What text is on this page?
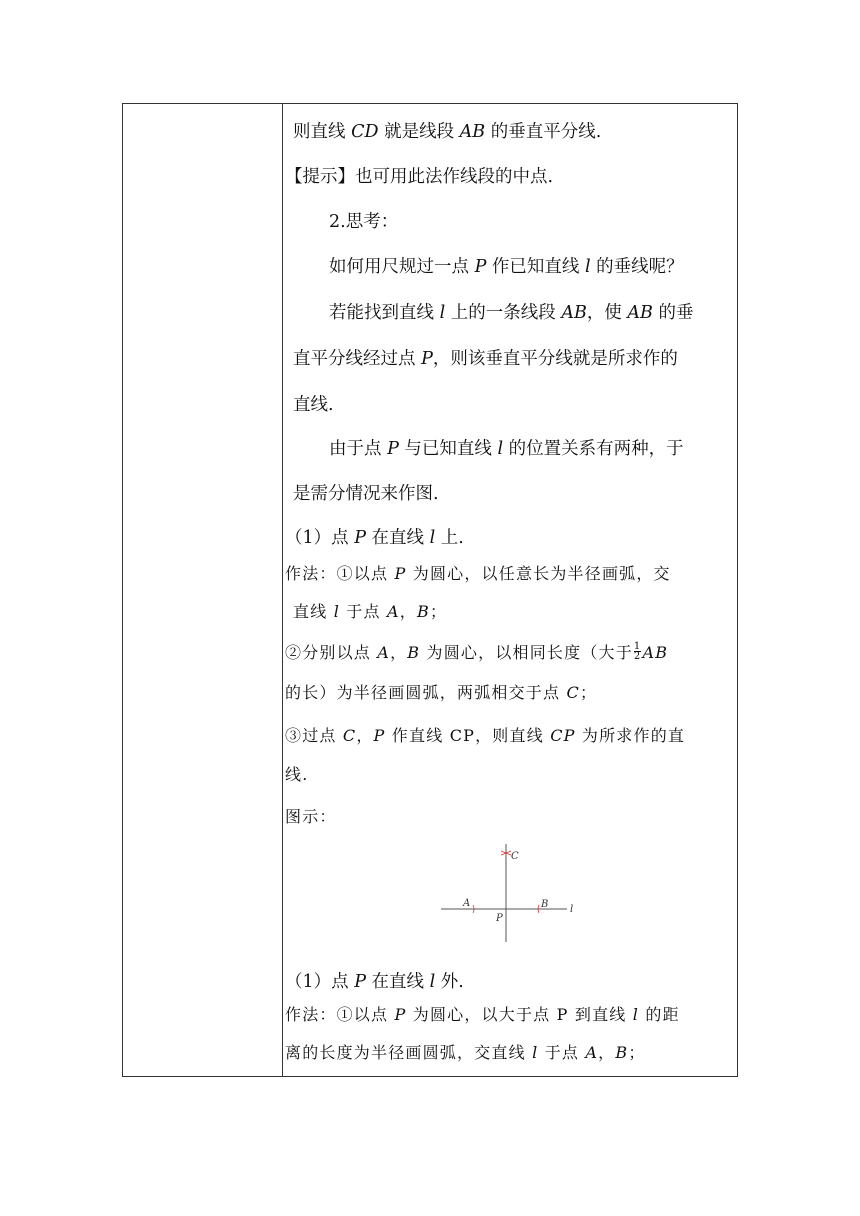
则直线 CD 就是线段 AB 的垂直平分线.
【提示】也可用此法作线段的中点.
2.思考：
如何用尺规过一点 P 作已知直线 l 的垂线呢？
若能找到直线 l 上的一条线段 AB，使 AB 的垂
直平分线经过点 P，则该垂直平分线就是所求作的
直线.
由于点 P 与已知直线 l 的位置关系有两种，于
是需分情况来作图.
（1）点 P 在直线 l 上.
作法：①以点 P 为圆心，以任意长为半径画弧，交
直线 l 于点 A，B；
②分别以点 A，B 为圆心，以相同长度（大于 $\frac{1}{2}$ AB
的长）为半径画圆弧，两弧相交于点 C；
③过点 C，P 作直线 CP，则直线 CP 为所求作的直
线.
图示：
C
A
P
B l
（1）点 P 在直线 l 外.
作法：①以点 P 为圆心，以大于点 P 到直线 l 的距
离的长度为半径画圆弧，交直线 l 于点 A，B；
